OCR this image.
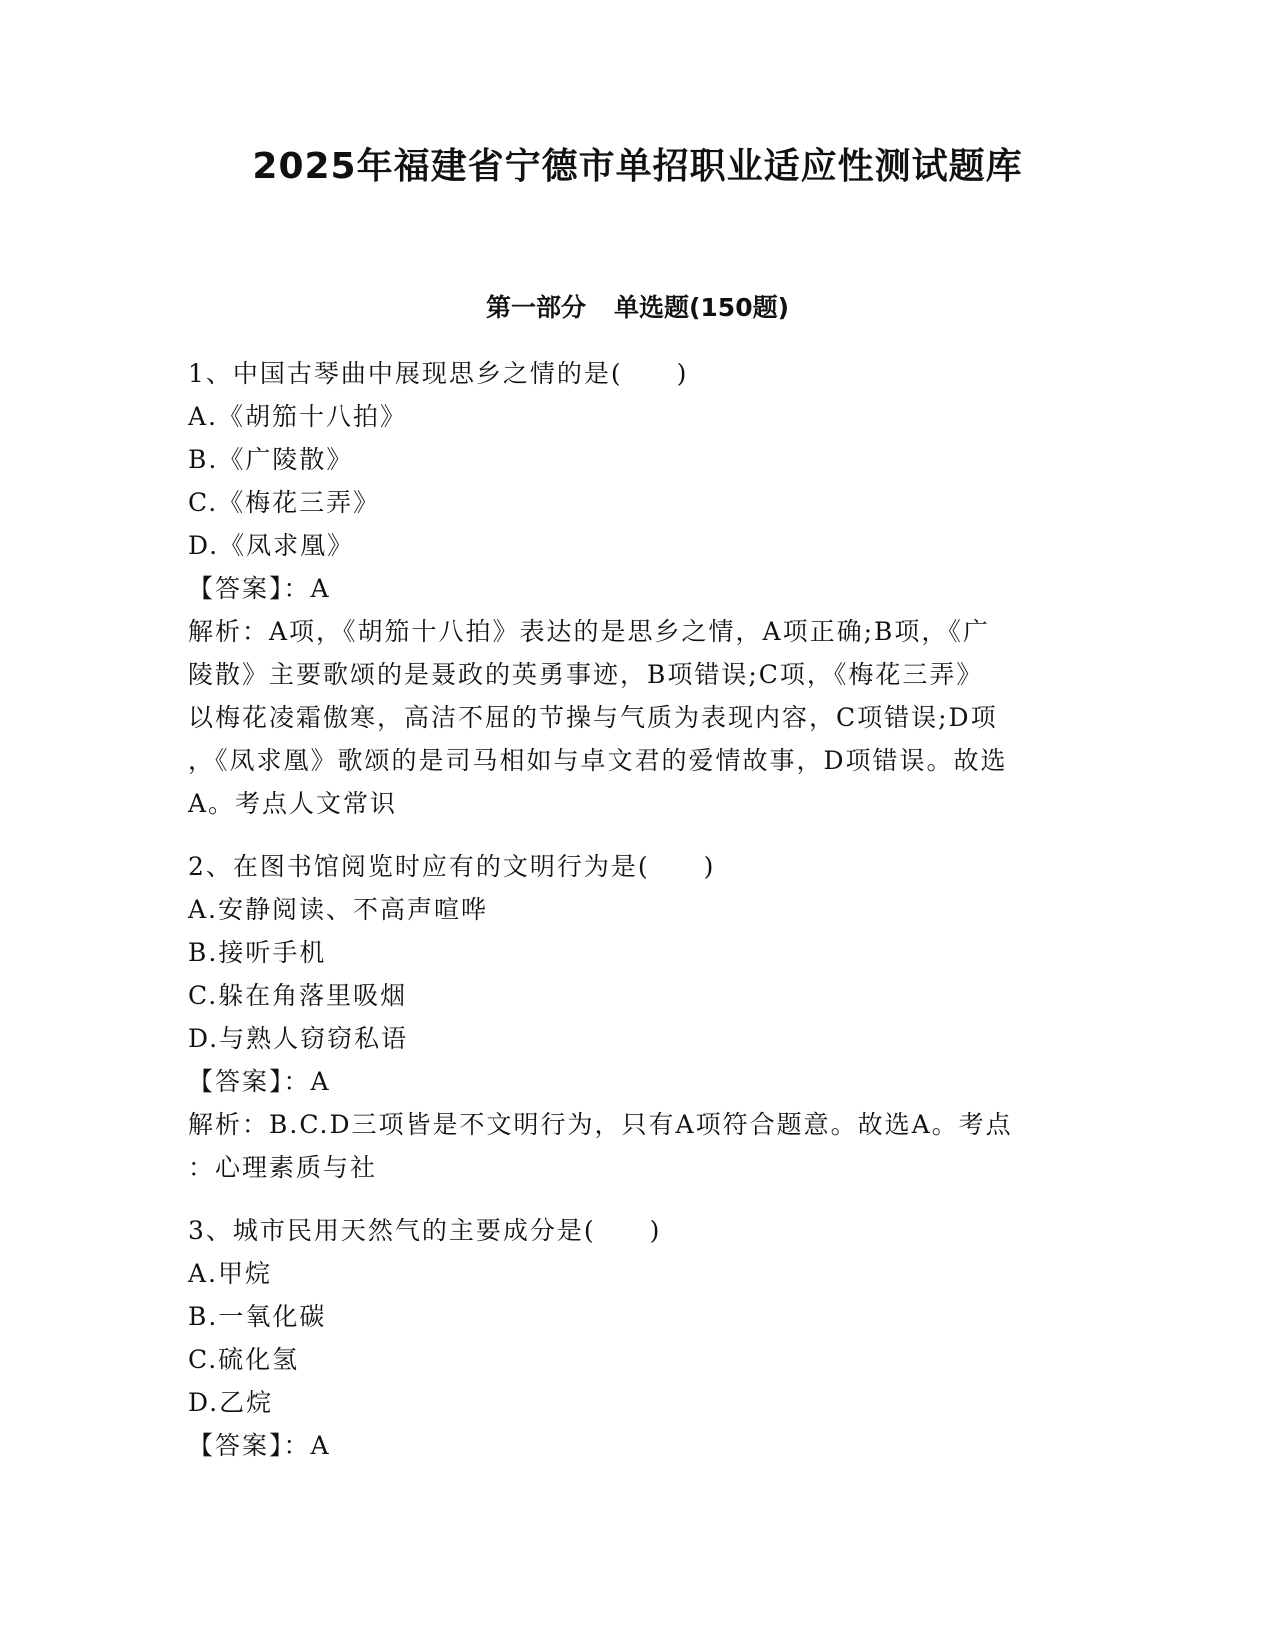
2025年福建省宁德市单招职业适应性测试题库
第一部分 单选题(150题)

1、中国古琴曲中展现思乡之情的是(　　)

A.《胡笳十八拍》

B.《广陵散》

C.《梅花三弄》

D.《凤求凰》

【答案】：A

解析：A项，《胡笳十八拍》表达的是思乡之情，A项正确;B项，《广

陵散》主要歌颂的是聂政的英勇事迹，B项错误;C项，《梅花三弄》

以梅花凌霜傲寒，高洁不屈的节操与气质为表现内容，C项错误;D项

，《凤求凰》歌颂的是司马相如与卓文君的爱情故事，D项错误。故选

A。考点人文常识

2、在图书馆阅览时应有的文明行为是(　　)

A.安静阅读、不高声喧哗

B.接听手机

C.躲在角落里吸烟

D.与熟人窃窃私语

【答案】：A

解析：B.C.D三项皆是不文明行为，只有A项符合题意。故选A。考点

：心理素质与社

3、城市民用天然气的主要成分是(　　)

A.甲烷

B.一氧化碳

C.硫化氢

D.乙烷

【答案】：A
